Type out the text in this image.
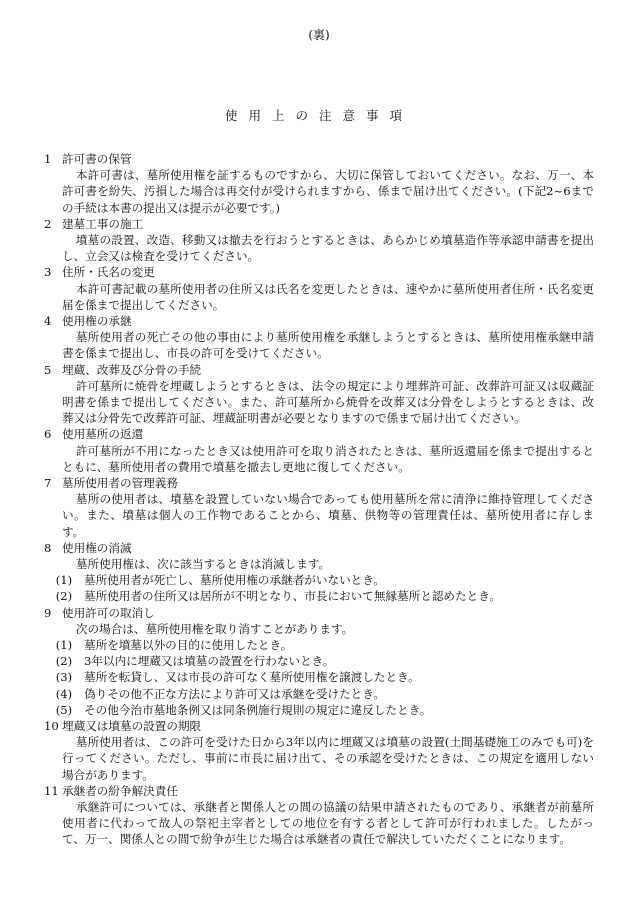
(裏)
使用上の注意事項
1 許可書の保管
本許可書は、墓所使用権を証するものですから、大切に保管しておいてください。なお、万一、本許可書を紛失、汚損した場合は再交付が受けられますから、係まで届け出てください。(下記2~6までの手続は本書の提出又は提示が必要です。)
2 建墓工事の施工
墳墓の設置、改造、移動又は撤去を行おうとするときは、あらかじめ墳墓造作等承認申請書を提出し、立会又は検査を受けてください。
3 住所・氏名の変更
本許可書記載の墓所使用者の住所又は氏名を変更したときは、速やかに墓所使用者住所・氏名変更届を係まで提出してください。
4 使用権の承継
墓所使用者の死亡その他の事由により墓所使用権を承継しようとするときは、墓所使用権承継申請書を係まで提出し、市長の許可を受けてください。
5 埋蔵、改葬及び分骨の手続
許可墓所に焼骨を埋蔵しようとするときは、法令の規定により埋葬許可証、改葬許可証又は収蔵証明書を係まで提出してください。また、許可墓所から焼骨を改葬又は分骨をしようとするときは、改葬又は分骨先で改葬許可証、埋蔵証明書が必要となりますので係まで届け出てください。
6 使用墓所の返還
許可墓所が不用になったとき又は使用許可を取り消されたときは、墓所返還届を係まで提出するとともに、墓所使用者の費用で墳墓を撤去し更地に復してください。
7 墓所使用者の管理義務
墓所の使用者は、墳墓を設置していない場合であっても使用墓所を常に清浄に維持管理してください。また、墳墓は個人の工作物であることから、墳墓、供物等の管理責任は、墓所使用者に存します。
8 使用権の消滅
墓所使用権は、次に該当するときは消滅します。
(1)	墓所使用者が死亡し、墓所使用権の承継者がいないとき。
(2)	墓所使用者の住所又は居所が不明となり、市長において無縁墓所と認めたとき。
9 使用許可の取消し
次の場合は、墓所使用権を取り消すことがあります。
(1)	墓所を墳墓以外の目的に使用したとき。
(2)	3年以内に埋蔵又は墳墓の設置を行わないとき。
(3)	墓所を転貸し、又は市長の許可なく墓所使用権を譲渡したとき。
(4)	偽りその他不正な方法により許可又は承継を受けたとき。
(5)	その他今治市墓地条例又は同条例施行規則の規定に違反したとき。
10 埋蔵又は墳墓の設置の期限
墓所使用者は、この許可を受けた日から3年以内に埋蔵又は墳墓の設置(土間基礎施工のみでも可)を行ってください。ただし、事前に市長に届け出て、その承認を受けたときは、この規定を適用しない場合があります。
11 承継者の紛争解決責任
承継許可については、承継者と関係人との間の協議の結果申請されたものであり、承継者が前墓所使用者に代わって故人の祭祀主宰者としての地位を有する者として許可が行われました。したがって、万一、関係人との間で紛争が生じた場合は承継者の責任で解決していただくことになります。
